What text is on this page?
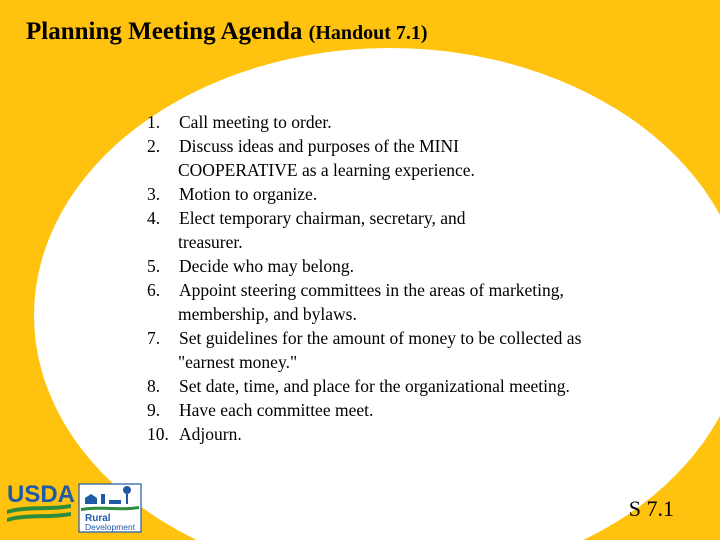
Planning Meeting Agenda (Handout 7.1)
1.	Call meeting to order.
2.	Discuss ideas and purposes of the MINI
COOPERATIVE as a learning experience.
3.	Motion to organize.
4.	Elect temporary chairman, secretary, and
treasurer.
5.	Decide who may belong.
6.	Appoint steering committees in the areas of marketing,
membership, and bylaws.
7.	Set guidelines for the amount of money to be collected as
"earnest money."
8.	Set date, time, and place for the organizational meeting.
9.	Have each committee meet.
10. Adjourn.
USDA
Rural
Development
S 7.1
